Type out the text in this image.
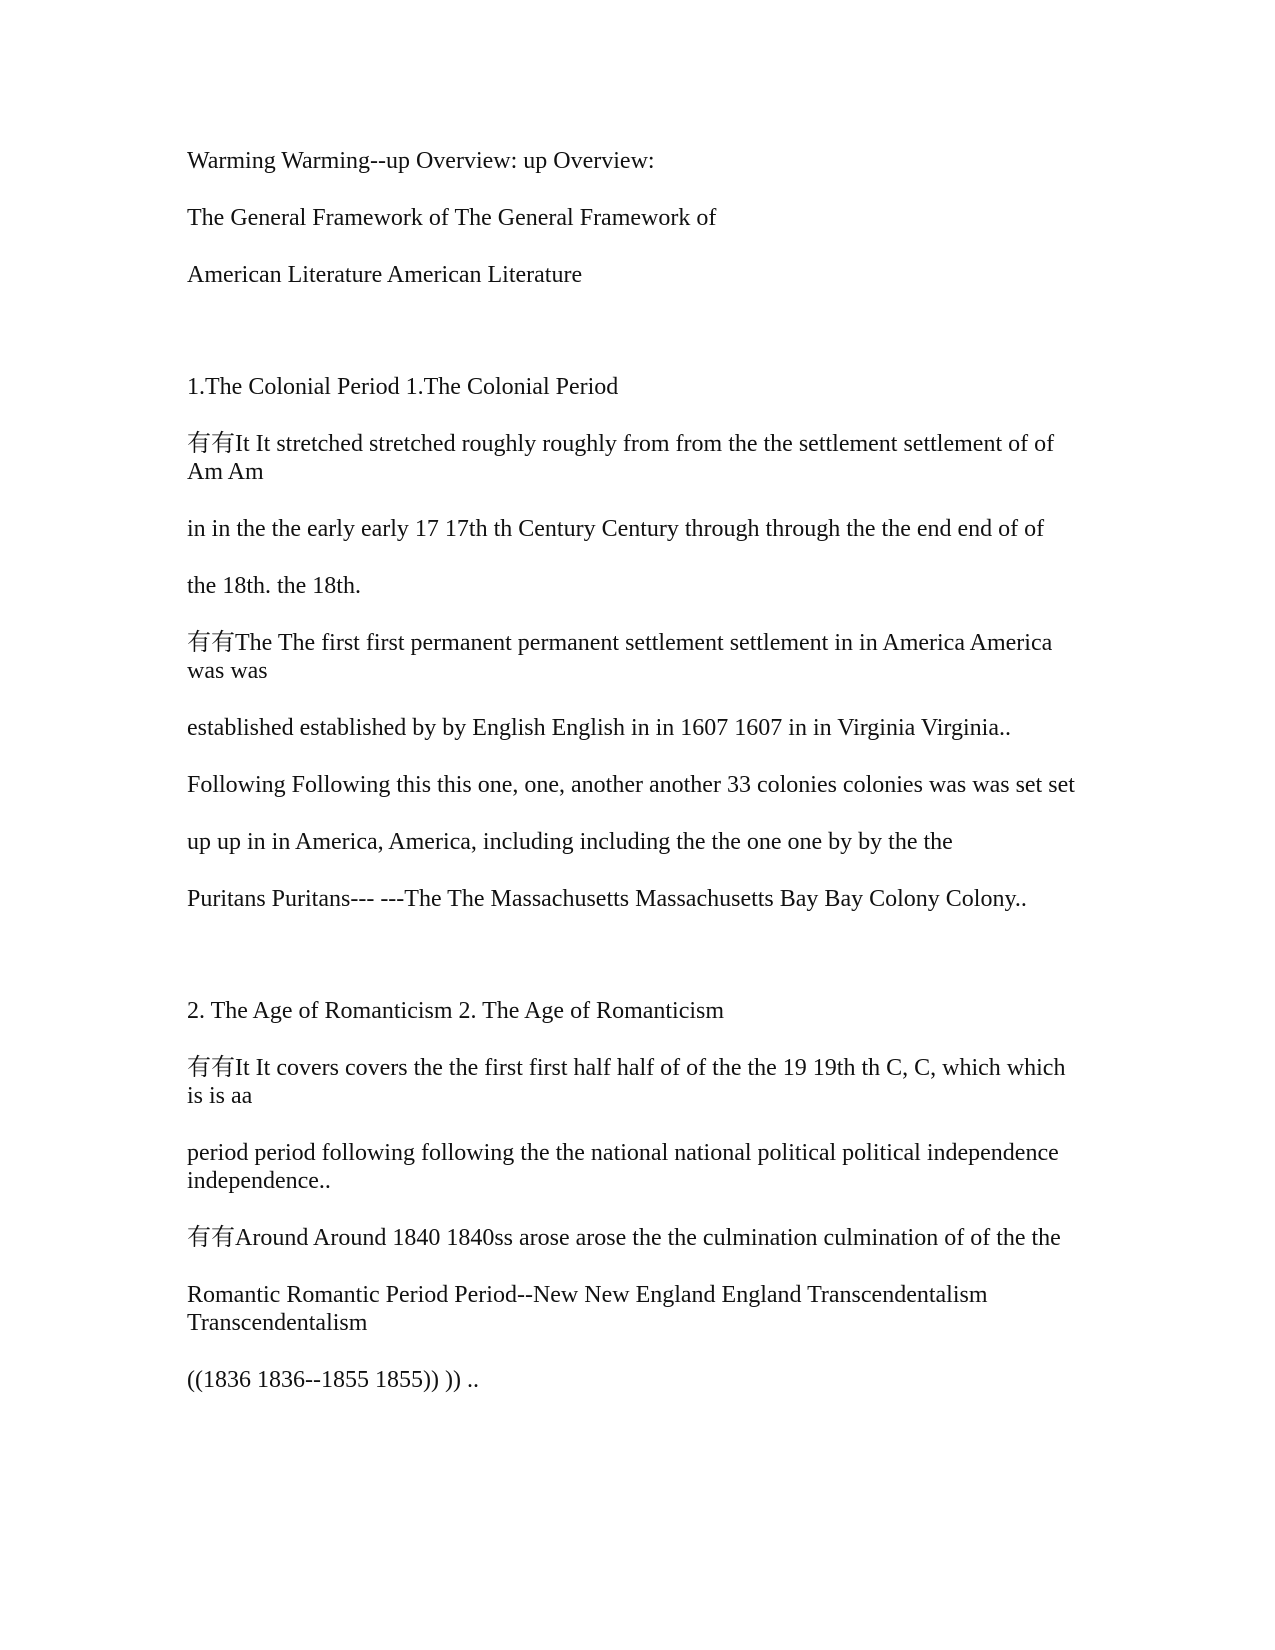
Warming Warming--up Overview: up Overview:

The General Framework of The General Framework of

American Literature American Literature

1.The Colonial Period 1.The Colonial Period

有有It It stretched stretched roughly roughly from from the the settlement settlement of of Am Am

in in the the early early 17 17th th Century Century through through the the end end of of

the 18th. the 18th.

有有The The first first permanent permanent settlement settlement in in America America was was

established established by by English English in in 1607 1607 in in Virginia Virginia..

Following Following this this one, one, another another 33 colonies colonies was was set set

up up in in America, America, including including the the one one by by the the

Puritans Puritans--- ---The The Massachusetts Massachusetts Bay Bay Colony Colony..

2. The Age of Romanticism 2. The Age of Romanticism

有有It It covers covers the the first first half half of of the the 19 19th th C, C, which which is is aa

period period following following the the national national political political independence independence..

有有Around Around 1840 1840ss arose arose the the culmination culmination of of the the

Romantic Romantic Period Period--New New England England Transcendentalism Transcendentalism

((1836 1836--1855 1855)) )) ..
